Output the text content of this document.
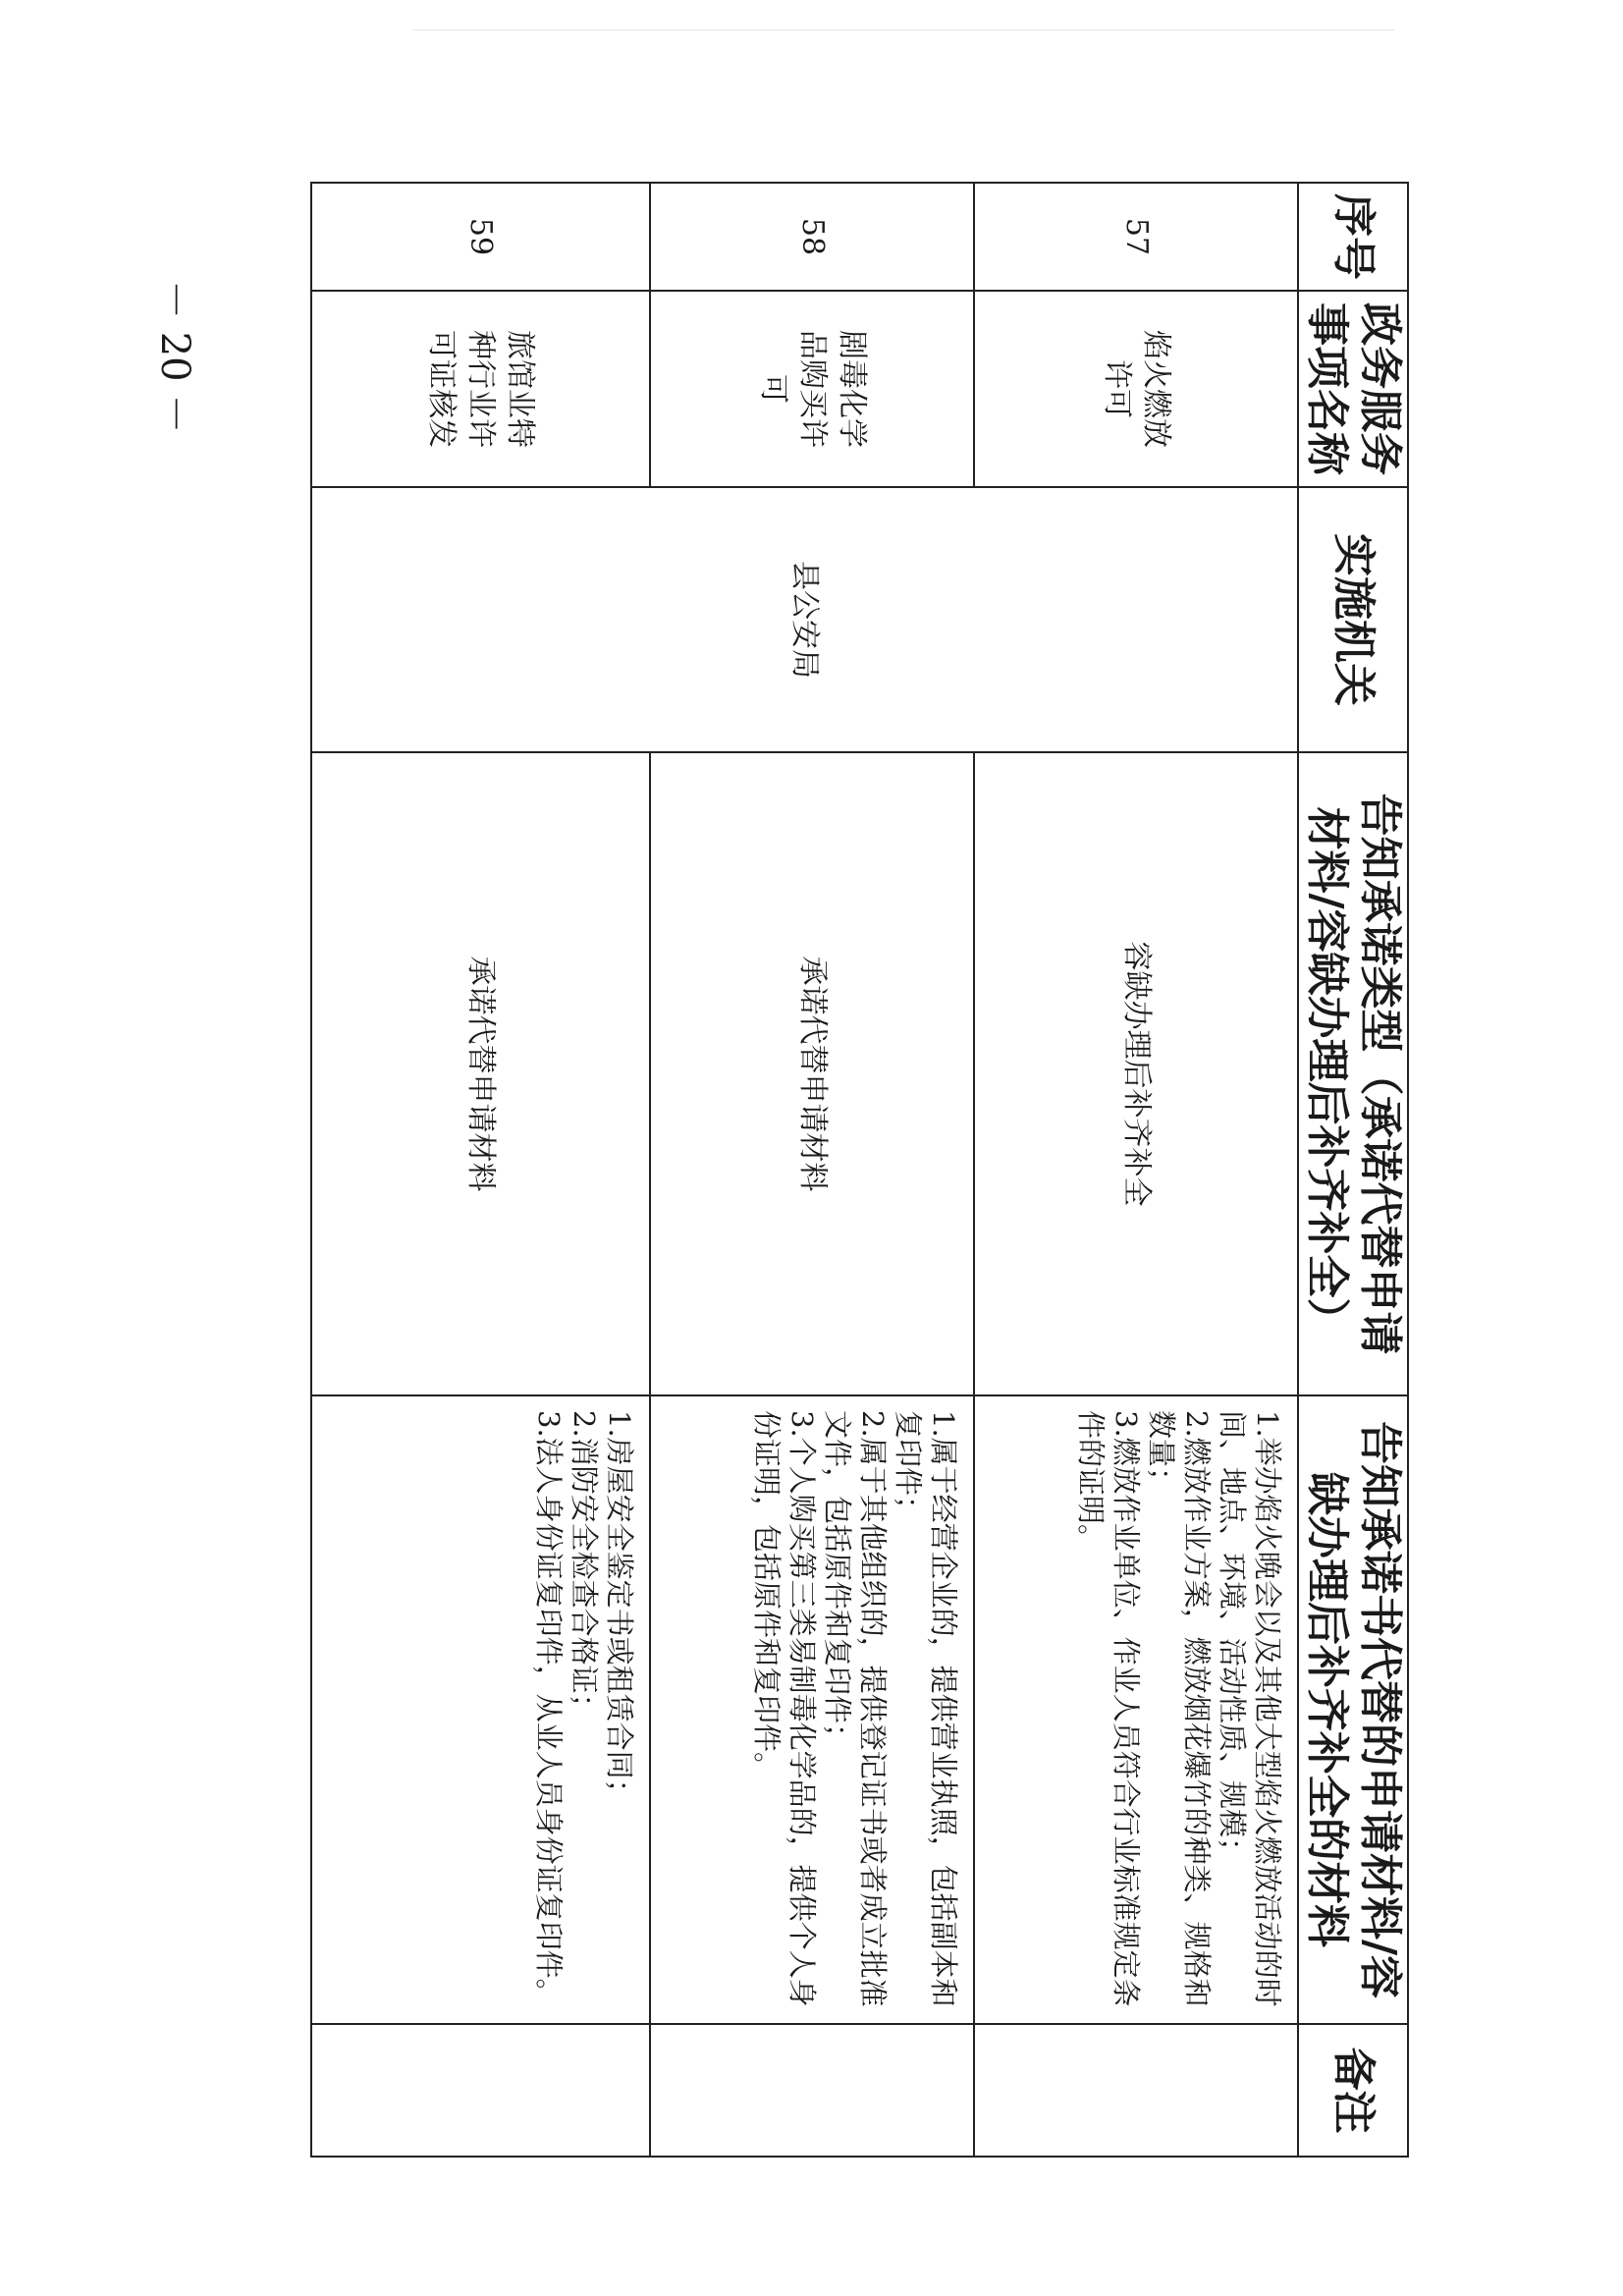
－ 20 －
序号	政务服务事项名称	实施机关	告知承诺类型（承诺代替申请材料/容缺办理后补齐补全）	告知承诺书代替的申请材料/容缺办理后补齐补全的材料	备注
57	焰火燃放许可	县公安局	容缺办理后补齐补全	1.举办焰火晚会以及其他大型焰火燃放活动的时间、地点、环境、活动性质、规模；
2.燃放作业方案，燃放烟花爆竹的种类、规格和数量；
3.燃放作业单位、作业人员符合行业标准规定条件的证明。	

58	剧毒化学品购买许可		承诺代替申请材料	1.属于经营企业的，提供营业执照，包括副本和复印件；
2.属于其他组织的，提供登记证书或者成立批准文件，包括原件和复印件；
3.个人购买第三类易制毒化学品的，提供个人身份证明，包括原件和复印件。	

59	旅馆业特种行业许可证核发		承诺代替申请材料	1.房屋安全鉴定书或租赁合同；
2.消防安全检查合格证；
3.法人身份证复印件，从业人员身份证复印件。	
